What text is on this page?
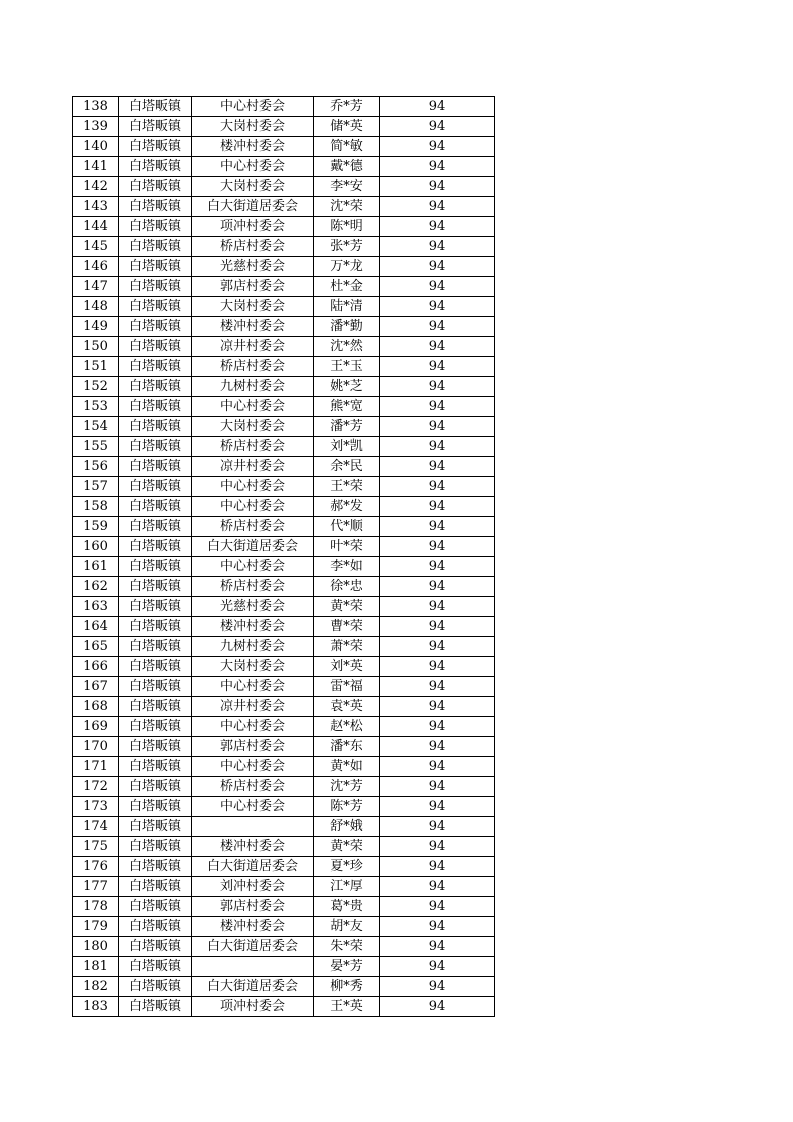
138	白塔畈镇	中心村委会	乔*芳	94
139	白塔畈镇	大岗村委会	储*英	94
140	白塔畈镇	楼冲村委会	简*敏	94
141	白塔畈镇	中心村委会	戴*德	94
142	白塔畈镇	大岗村委会	李*安	94
143	白塔畈镇	白大街道居委会	沈*荣	94
144	白塔畈镇	项冲村委会	陈*明	94
145	白塔畈镇	桥店村委会	张*芳	94
146	白塔畈镇	光慈村委会	万*龙	94
147	白塔畈镇	郭店村委会	杜*金	94
148	白塔畈镇	大岗村委会	陆*清	94
149	白塔畈镇	楼冲村委会	潘*勤	94
150	白塔畈镇	凉井村委会	沈*然	94
151	白塔畈镇	桥店村委会	王*玉	94
152	白塔畈镇	九树村委会	姚*芝	94
153	白塔畈镇	中心村委会	熊*宽	94
154	白塔畈镇	大岗村委会	潘*芳	94
155	白塔畈镇	桥店村委会	刘*凯	94
156	白塔畈镇	凉井村委会	余*民	94
157	白塔畈镇	中心村委会	王*荣	94
158	白塔畈镇	中心村委会	郝*发	94
159	白塔畈镇	桥店村委会	代*顺	94
160	白塔畈镇	白大街道居委会	叶*荣	94
161	白塔畈镇	中心村委会	李*如	94
162	白塔畈镇	桥店村委会	徐*忠	94
163	白塔畈镇	光慈村委会	黄*荣	94
164	白塔畈镇	楼冲村委会	曹*荣	94
165	白塔畈镇	九树村委会	萧*荣	94
166	白塔畈镇	大岗村委会	刘*英	94
167	白塔畈镇	中心村委会	雷*福	94
168	白塔畈镇	凉井村委会	袁*英	94
169	白塔畈镇	中心村委会	赵*松	94
170	白塔畈镇	郭店村委会	潘*东	94
171	白塔畈镇	中心村委会	黄*如	94
172	白塔畈镇	桥店村委会	沈*芳	94
173	白塔畈镇	中心村委会	陈*芳	94
174	白塔畈镇		舒*娥	94
175	白塔畈镇	楼冲村委会	黄*荣	94
176	白塔畈镇	白大街道居委会	夏*珍	94
177	白塔畈镇	刘冲村委会	江*厚	94
178	白塔畈镇	郭店村委会	葛*贵	94
179	白塔畈镇	楼冲村委会	胡*友	94
180	白塔畈镇	白大街道居委会	朱*荣	94
181	白塔畈镇		晏*芳	94
182	白塔畈镇	白大街道居委会	柳*秀	94
183	白塔畈镇	项冲村委会	王*英	94
